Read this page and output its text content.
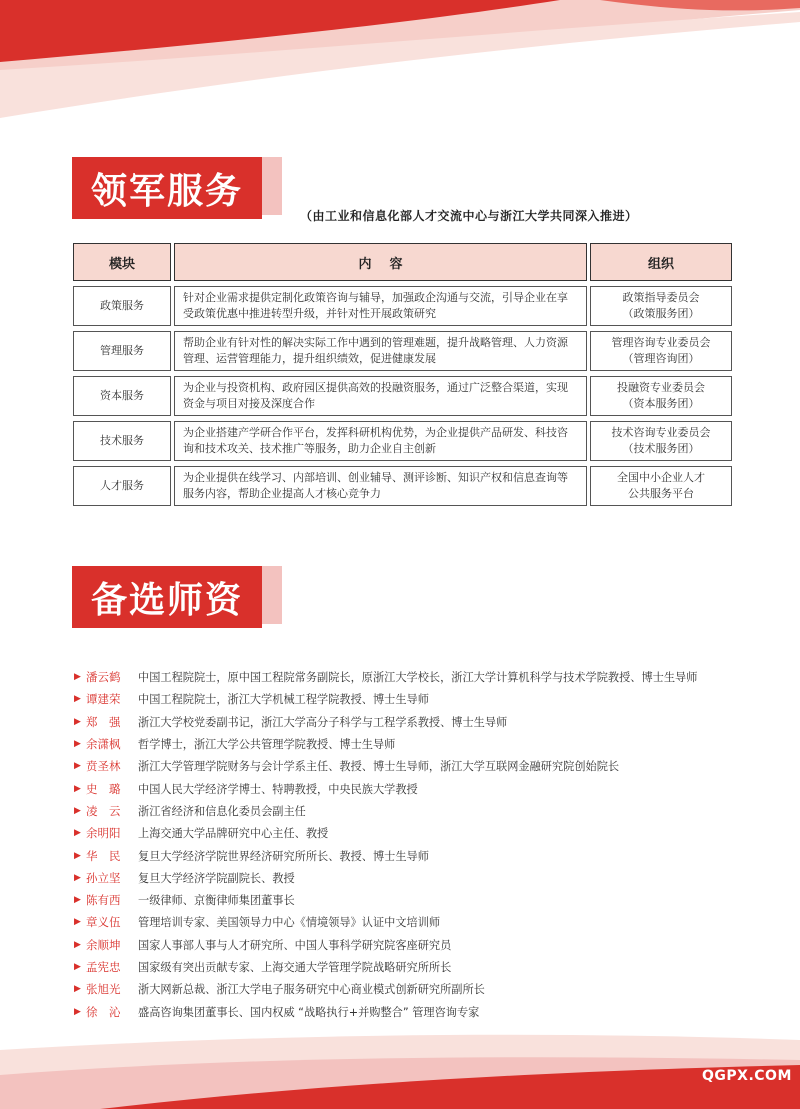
领军服务
（由工业和信息化部人才交流中心与浙江大学共同深入推进）
模块	内    容	组织
政策服务	针对企业需求提供定制化政策咨询与辅导，加强政企沟通与交流，引导企业在享受政策优惠中推进转型升级，并针对性开展政策研究	政策指导委员会
（政策服务团）
管理服务	帮助企业有针对性的解决实际工作中遇到的管理难题，提升战略管理、人力资源管理、运营管理能力，提升组织绩效，促进健康发展	管理咨询专业委员会
（管理咨询团）
资本服务	为企业与投资机构、政府园区提供高效的投融资服务，通过广泛整合渠道，实现资金与项目对接及深度合作	投融资专业委员会
（资本服务团）
技术服务	为企业搭建产学研合作平台，发挥科研机构优势，为企业提供产品研发、科技咨询和技术攻关、技术推广等服务，助力企业自主创新	技术咨询专业委员会
（技术服务团）
人才服务	为企业提供在线学习、内部培训、创业辅导、测评诊断、知识产权和信息查询等服务内容，帮助企业提高人才核心竞争力	全国中小企业人才
公共服务平台
备选师资
▶ 潘云鹤	中国工程院院士，原中国工程院常务副院长，原浙江大学校长，浙江大学计算机科学与技术学院教授、博士生导师
▶ 谭建荣	中国工程院院士，浙江大学机械工程学院教授、博士生导师
▶ 郑　强	浙江大学校党委副书记，浙江大学高分子科学与工程学系教授、博士生导师
▶ 余潇枫	哲学博士，浙江大学公共管理学院教授、博士生导师
▶ 贲圣林	浙江大学管理学院财务与会计学系主任、教授、博士生导师，浙江大学互联网金融研究院创始院长
▶ 史　璐	中国人民大学经济学博士、特聘教授，中央民族大学教授
▶ 凌　云	浙江省经济和信息化委员会副主任
▶ 余明阳	上海交通大学品牌研究中心主任、教授
▶ 华　民	复旦大学经济学院世界经济研究所所长、教授、博士生导师
▶ 孙立坚	复旦大学经济学院副院长、教授
▶ 陈有西	一级律师、京衡律师集团董事长
▶ 章义伍	管理培训专家、美国领导力中心《情境领导》认证中文培训师
▶ 余顺坤	国家人事部人事与人才研究所、中国人事科学研究院客座研究员
▶ 孟宪忠	国家级有突出贡献专家、上海交通大学管理学院战略研究所所长
▶ 张旭光	浙大网新总裁、浙江大学电子服务研究中心商业模式创新研究所副所长
▶ 徐　沁	盛高咨询集团董事长、国内权威 “战略执行+并购整合” 管理咨询专家
QGPX.COM
